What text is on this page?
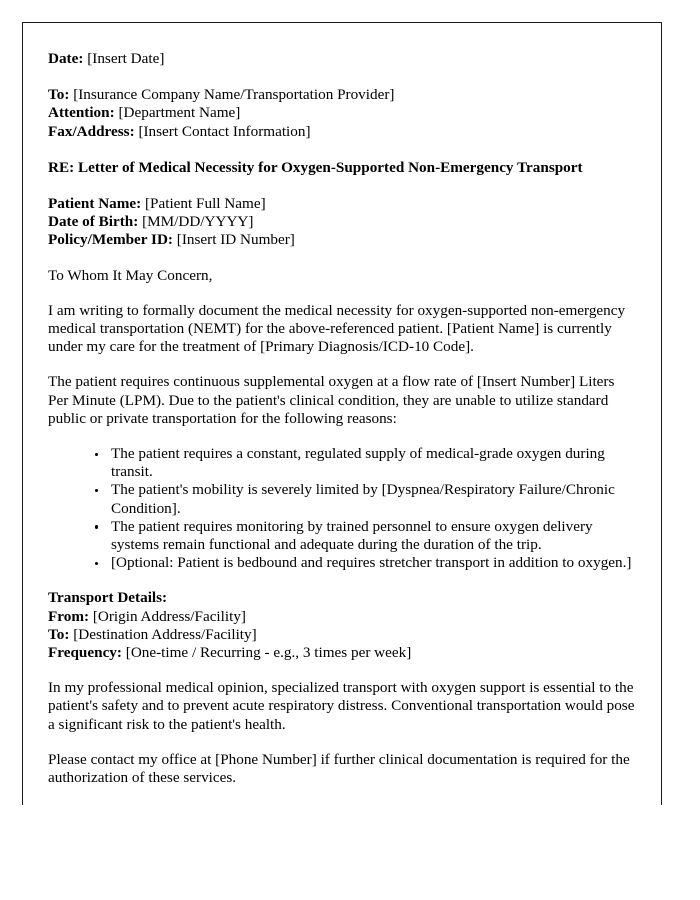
Date: [Insert Date]
To: [Insurance Company Name/Transportation Provider]
Attention: [Department Name]
Fax/Address: [Insert Contact Information]
RE: Letter of Medical Necessity for Oxygen-Supported Non-Emergency Transport
Patient Name: [Patient Full Name]
Date of Birth: [MM/DD/YYYY]
Policy/Member ID: [Insert ID Number]

To Whom It May Concern,

I am writing to formally document the medical necessity for oxygen-supported non-emergency medical transportation (NEMT) for the above-referenced patient. [Patient Name] is currently under my care for the treatment of [Primary Diagnosis/ICD-10 Code].

The patient requires continuous supplemental oxygen at a flow rate of [Insert Number] Liters Per Minute (LPM). Due to the patient's clinical condition, they are unable to utilize standard public or private transportation for the following reasons:

The patient requires a constant, regulated supply of medical-grade oxygen during transit.
The patient's mobility is severely limited by [Dyspnea/Respiratory Failure/Chronic Condition].
The patient requires monitoring by trained personnel to ensure oxygen delivery systems remain functional and adequate during the duration of the trip.
[Optional: Patient is bedbound and requires stretcher transport in addition to oxygen.]
Transport Details:
From: [Origin Address/Facility]
To: [Destination Address/Facility]
Frequency: [One-time / Recurring - e.g., 3 times per week]

In my professional medical opinion, specialized transport with oxygen support is essential to the patient's safety and to prevent acute respiratory distress. Conventional transportation would pose a significant risk to the patient's health.

Please contact my office at [Phone Number] if further clinical documentation is required for the authorization of these services.
